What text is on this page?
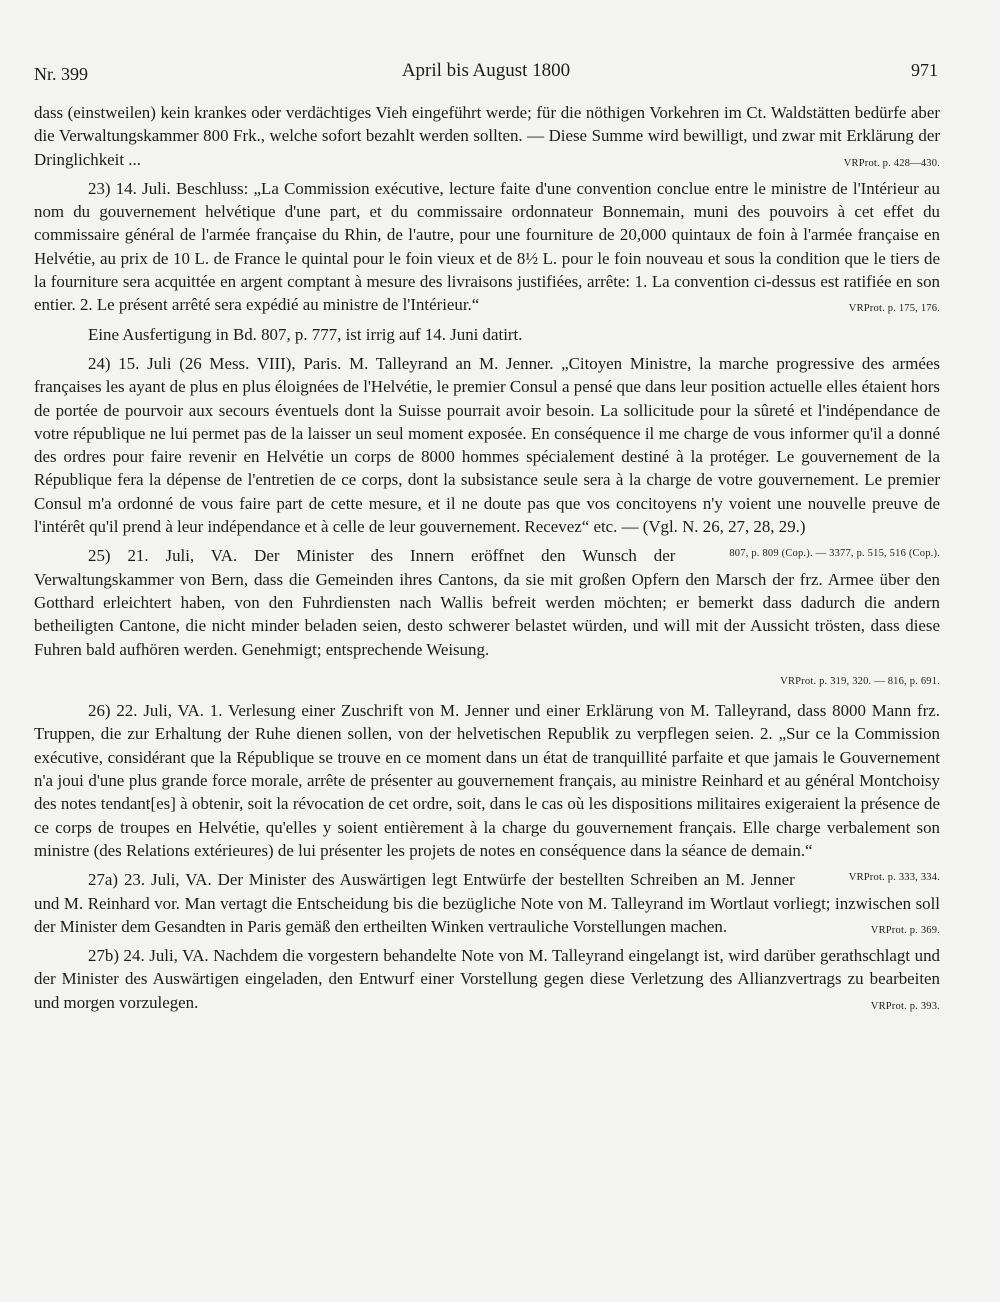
Nr. 399	April bis August 1800	971

dass (einstweilen) kein krankes oder verdächtiges Vieh eingeführt werde; für die nöthigen Vorkehren im Ct. Waldstätten bedürfe aber die Verwaltungskammer 800 Frk., welche sofort bezahlt werden sollten. — Diese Summe wird bewilligt, und zwar mit Erklärung der Dringlichkeit ...	VRProt. p. 428—430.

23) 14. Juli. Beschluss: „La Commission exécutive, lecture faite d'une convention conclue entre le ministre de l'Intérieur au nom du gouvernement helvétique d'une part, et du commissaire ordonnateur Bonnemain, muni des pouvoirs à cet effet du commissaire général de l'armée française du Rhin, de l'autre, pour une fourniture de 20,000 quintaux de foin à l'armée française en Helvétie, au prix de 10 L. de France le quintal pour le foin vieux et de 8½ L. pour le foin nouveau et sous la condition que le tiers de la fourniture sera acquittée en argent comptant à mesure des livraisons justifiées, arrête: 1. La convention ci-dessus est ratifiée en son entier. 2. Le présent arrêté sera expédié au ministre de l'Intérieur.“	VRProt. p. 175, 176.

Eine Ausfertigung in Bd. 807, p. 777, ist irrig auf 14. Juni datirt.

24) 15. Juli (26 Mess. VIII), Paris. M. Talleyrand an M. Jenner. „Citoyen Ministre, la marche progressive des armées françaises les ayant de plus en plus éloignées de l'Helvétie, le premier Consul a pensé que dans leur position actuelle elles étaient hors de portée de pourvoir aux secours éventuels dont la Suisse pourrait avoir besoin. La sollicitude pour la sûreté et l'indépendance de votre république ne lui permet pas de la laisser un seul moment exposée. En conséquence il me charge de vous informer qu'il a donné des ordres pour faire revenir en Helvétie un corps de 8000 hommes spécialement destiné à la protéger. Le gouvernement de la République fera la dépense de l'entretien de ce corps, dont la subsistance seule sera à la charge de votre gouvernement. Le premier Consul m'a ordonné de vous faire part de cette mesure, et il ne doute pas que vos concitoyens n'y voient une nouvelle preuve de l'intérêt qu'il prend à leur indépendance et à celle de leur gouvernement. Recevez“ etc. — (Vgl. N. 26, 27, 28, 29.)
807, p. 809 (Cop.). — 3377, p. 515, 516 (Cop.).

25) 21. Juli, VA. Der Minister des Innern eröffnet den Wunsch der Verwaltungskammer von Bern, dass die Gemeinden ihres Cantons, da sie mit großen Opfern den Marsch der frz. Armee über den Gotthard erleichtert haben, von den Fuhrdiensten nach Wallis befreit werden möchten; er bemerkt dass dadurch die andern betheiligten Cantone, die nicht minder beladen seien, desto schwerer belastet würden, und will mit der Aussicht trösten, dass diese Fuhren bald aufhören werden. Genehmigt; entsprechende Weisung.

VRProt. p. 319, 320. — 816, p. 691.

26) 22. Juli, VA. 1. Verlesung einer Zuschrift von M. Jenner und einer Erklärung von M. Talleyrand, dass 8000 Mann frz. Truppen, die zur Erhaltung der Ruhe dienen sollen, von der helvetischen Republik zu verpflegen seien. 2. „Sur ce la Commission exécutive, considérant que la République se trouve en ce moment dans un état de tranquillité parfaite et que jamais le Gouvernement n'a joui d'une plus grande force morale, arrête de présenter au gouvernement français, au ministre Reinhard et au général Montchoisy des notes tendant[es] à obtenir, soit la révocation de cet ordre, soit, dans le cas où les dispositions militaires exigeraient la présence de ce corps de troupes en Helvétie, qu'elles y soient entièrement à la charge du gouvernement français. Elle charge verbalement son ministre (des Relations extérieures) de lui présenter les projets de notes en conséquence dans la séance de demain.“
VRProt. p. 333, 334.

27a) 23. Juli, VA. Der Minister des Auswärtigen legt Entwürfe der bestellten Schreiben an M. Jenner und M. Reinhard vor. Man vertagt die Entscheidung bis die bezügliche Note von M. Talleyrand im Wortlaut vorliegt; inzwischen soll der Minister dem Gesandten in Paris gemäß den ertheilten Winken vertrauliche Vorstellungen machen.	VRProt. p. 369.

27b) 24. Juli, VA. Nachdem die vorgestern behandelte Note von M. Talleyrand eingelangt ist, wird darüber gerathschlagt und der Minister des Auswärtigen eingeladen, den Entwurf einer Vorstellung gegen diese Verletzung des Allianzvertrags zu bearbeiten und morgen vorzulegen.	VRProt. p. 393.
